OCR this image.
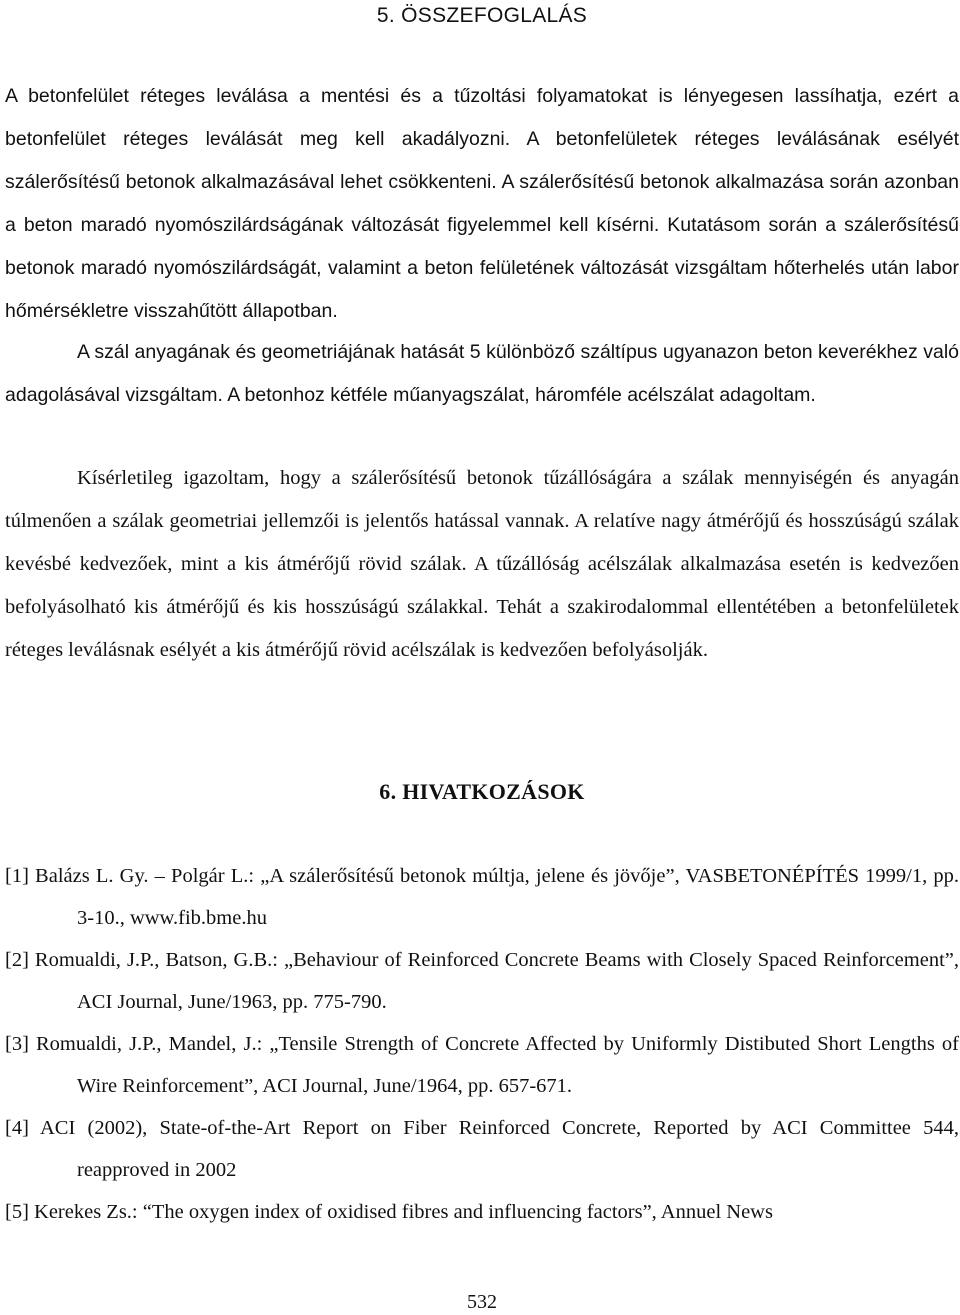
5. ÖSSZEFOGLALÁS

A betonfelület réteges leválása a mentési és a tűzoltási folyamatokat is lényegesen lassíhatja, ezért a betonfelület réteges leválását meg kell akadályozni. A betonfelületek réteges leválásának esélyét szálerősítésű betonok alkalmazásával lehet csökkenteni. A szálerősítésű betonok alkalmazása során azonban a beton maradó nyomószilárdságának változását figyelemmel kell kísérni. Kutatásom során a szálerősítésű betonok maradó nyomószilárdságát, valamint a beton felületének változását vizsgáltam hőterhelés után labor hőmérsékletre visszahűtött állapotban.

A szál anyagának és geometriájának hatását 5 különböző száltípus ugyanazon beton keverékhez való adagolásával vizsgáltam. A betonhoz kétféle műanyagszálat, háromféle acélszálat adagoltam.

Kísérletileg igazoltam, hogy a szálerősítésű betonok tűzállóságára a szálak mennyiségén és anyagán túlmenően a szálak geometriai jellemzői is jelentős hatással vannak. A relatíve nagy átmérőjű és hosszúságú szálak kevésbé kedvezőek, mint a kis átmérőjű rövid szálak. A tűzállóság acélszálak alkalmazása esetén is kedvezően befolyásolható kis átmérőjű és kis hosszúságú szálakkal. Tehát a szakirodalommal ellentétében a betonfelületek réteges leválásnak esélyét a kis átmérőjű rövid acélszálak is kedvezően befolyásolják.

6. HIVATKOZÁSOK

[1] Balázs L. Gy. – Polgár L.: „A szálerősítésű betonok múltja, jelene és jövője”, VASBETONÉPÍTÉS 1999/1, pp. 3-10., www.fib.bme.hu

[2] Romualdi, J.P., Batson, G.B.: „Behaviour of Reinforced Concrete Beams with Closely Spaced Reinforcement”, ACI Journal, June/1963, pp. 775-790.

[3] Romualdi, J.P., Mandel, J.: „Tensile Strength of Concrete Affected by Uniformly Distibuted Short Lengths of Wire Reinforcement”, ACI Journal, June/1964, pp. 657-671.

[4] ACI (2002), State-of-the-Art Report on Fiber Reinforced Concrete, Reported by ACI Committee 544, reapproved in 2002

[5] Kerekes Zs.: “The oxygen index of oxidised fibres and influencing factors”, Annuel News

532
